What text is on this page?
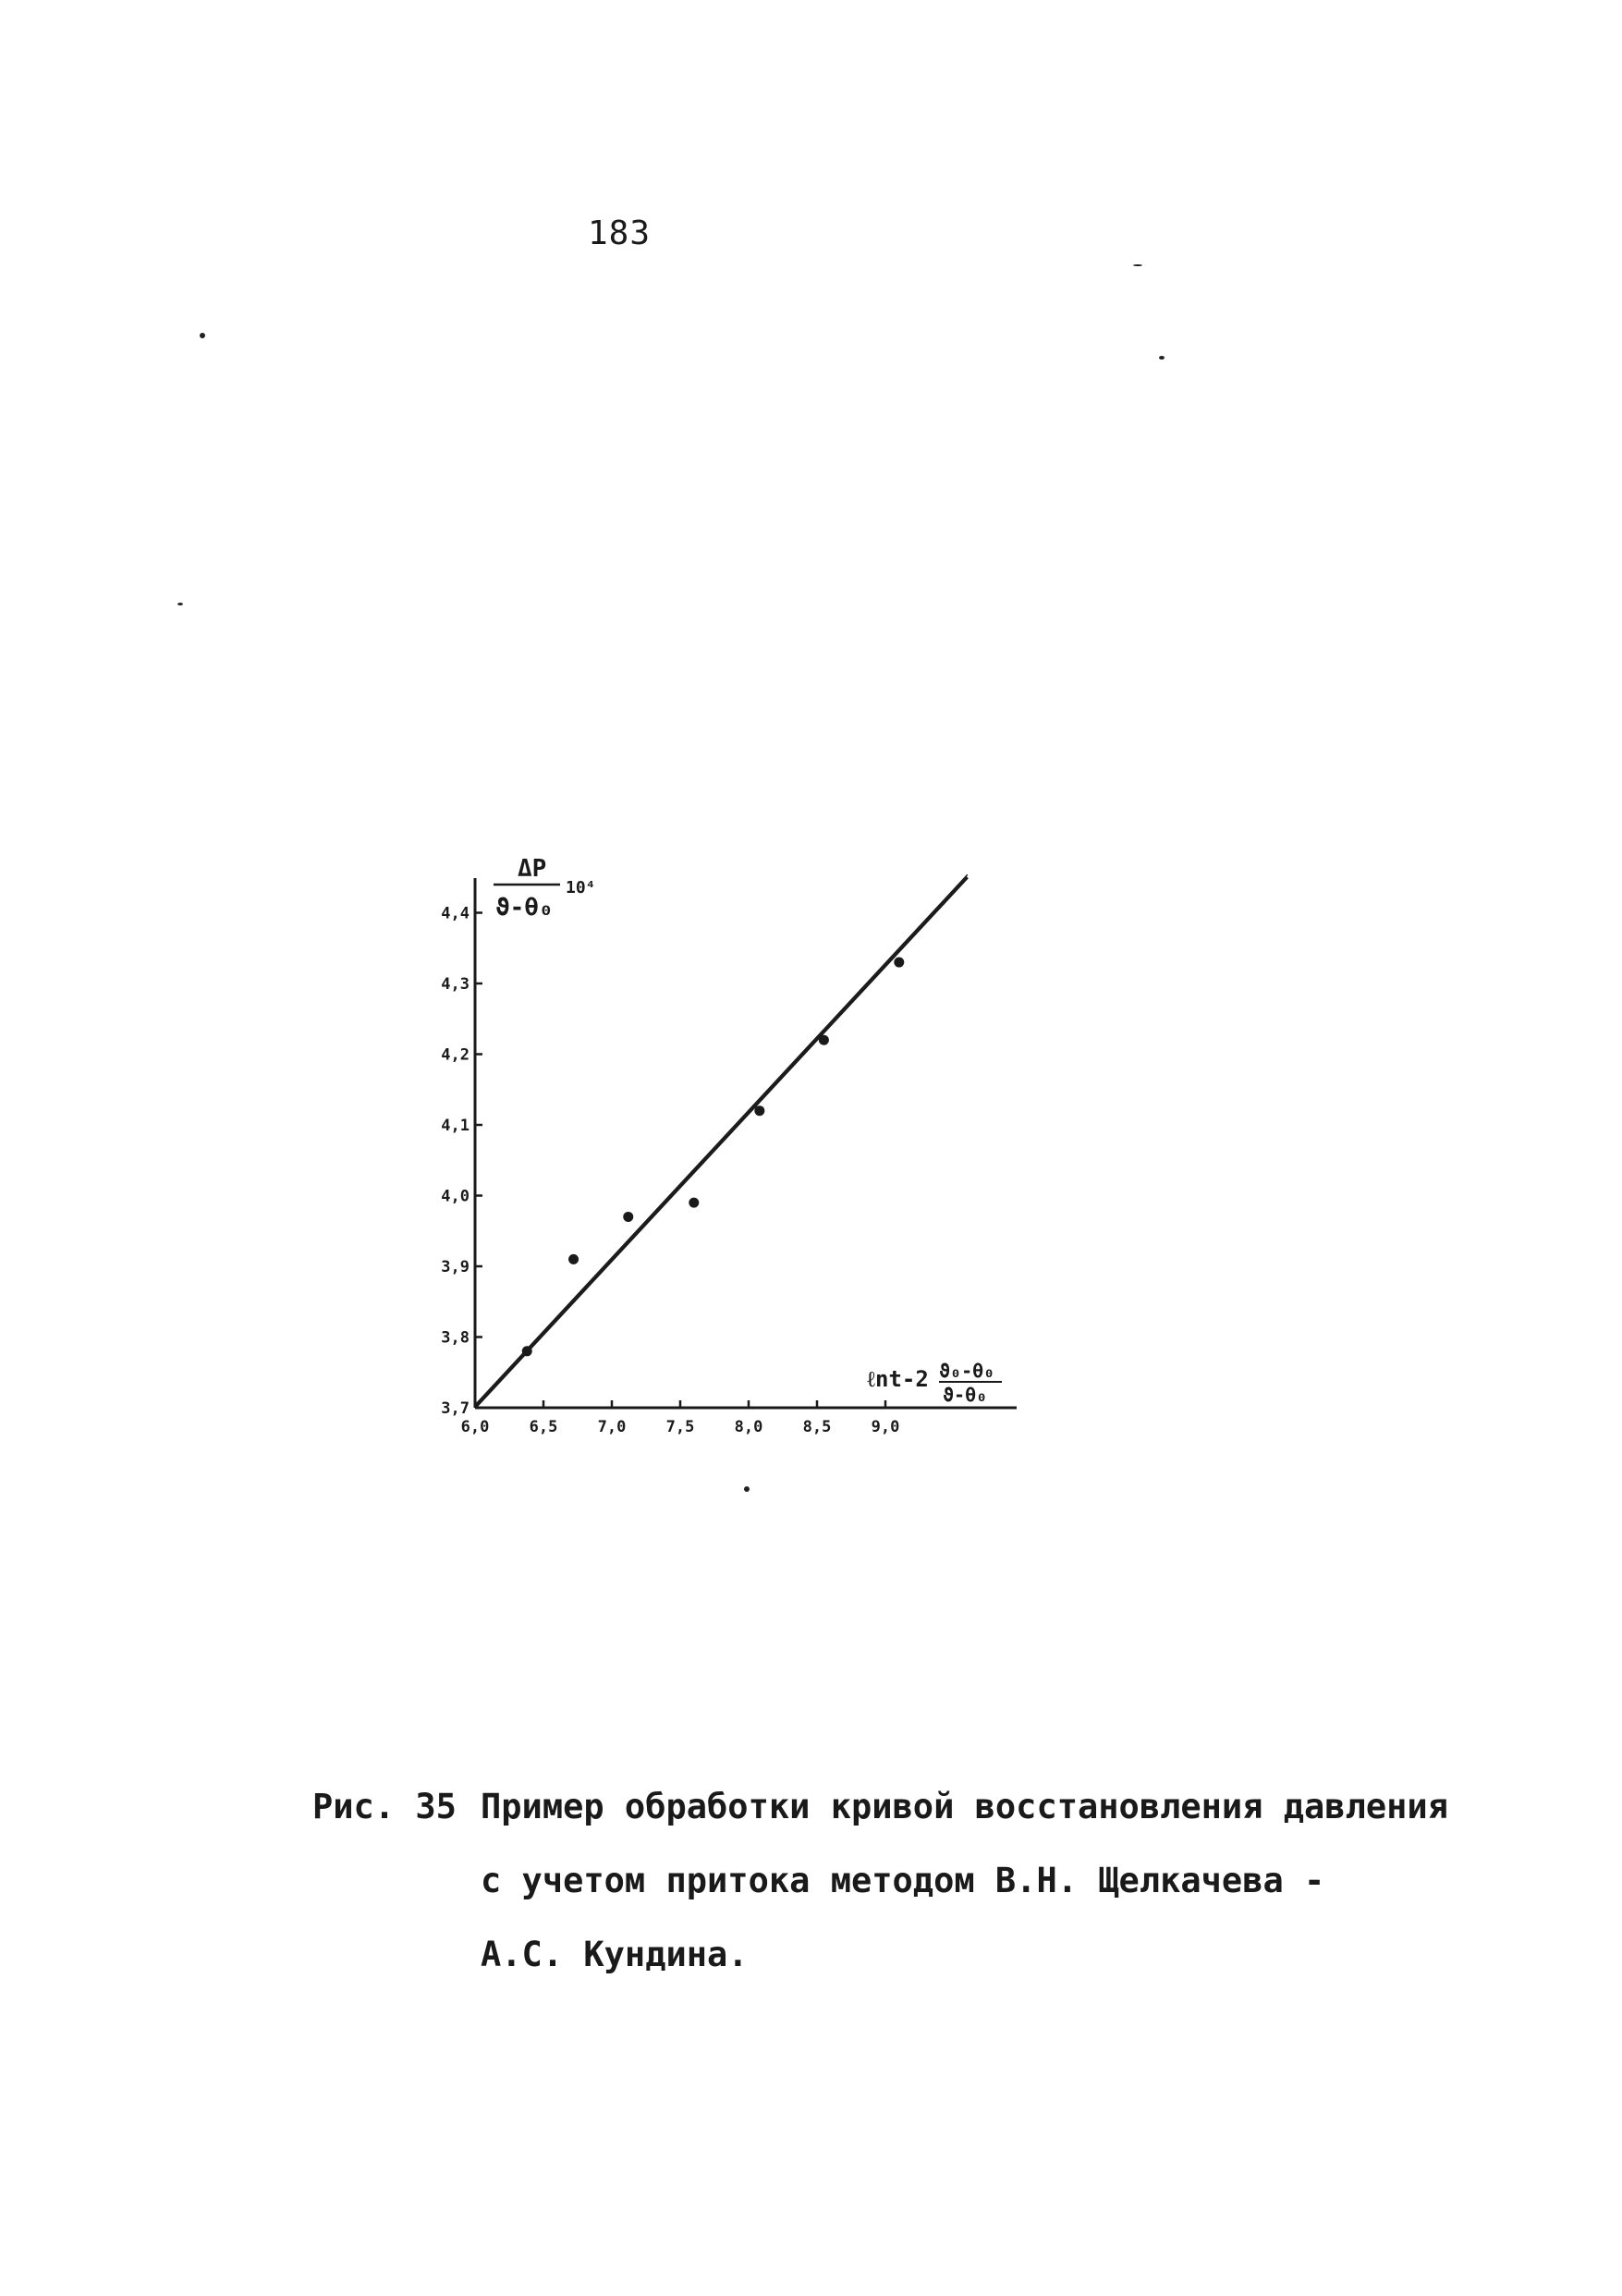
183
ΔP
ϑ-θ₀
10⁴
ℓnt-2 ϑ₀-θ₀
ϑ-θ₀
6,0	6,5	7,0	7,5	8,0	8,5	9,0
3,7
3,8
3,9
4,0
4,1
4,2
4,3
4,4
Рис. 35 Пример обработки кривой восстановления давления
с учетом притока методом В.Н. Щелкачева -
А.С. Кундина.
